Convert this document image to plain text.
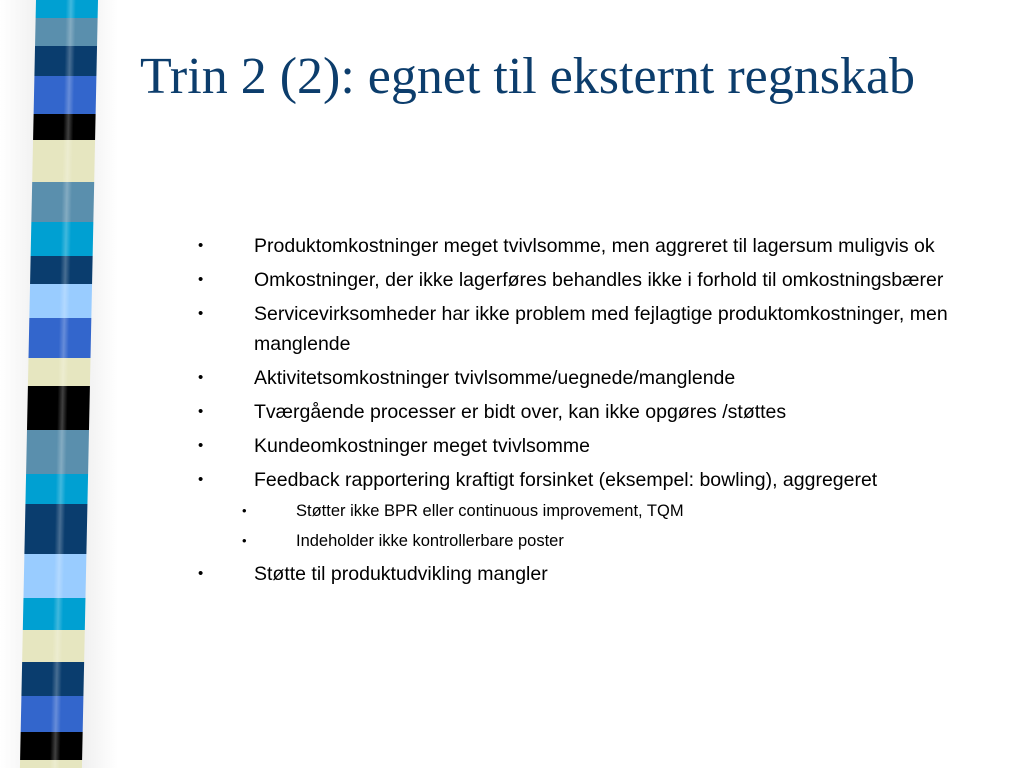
Trin 2 (2): egnet til eksternt regnskab
•	Produktomkostninger meget tvivlsomme, men aggreret til lagersum muligvis ok
•	Omkostninger, der ikke lagerføres behandles ikke i forhold til omkostningsbærer
•	Servicevirksomheder har ikke problem med fejlagtige produktomkostninger, men manglende
•	Aktivitetsomkostninger tvivlsomme/uegnede/manglende
•	Tværgående processer er bidt over, kan ikke opgøres /støttes
•	Kundeomkostninger meget tvivlsomme
•	Feedback rapportering kraftigt forsinket (eksempel: bowling), aggregeret
•	Støtter ikke BPR eller continuous improvement, TQM
•	Indeholder ikke kontrollerbare poster
•	Støtte til produktudvikling mangler
